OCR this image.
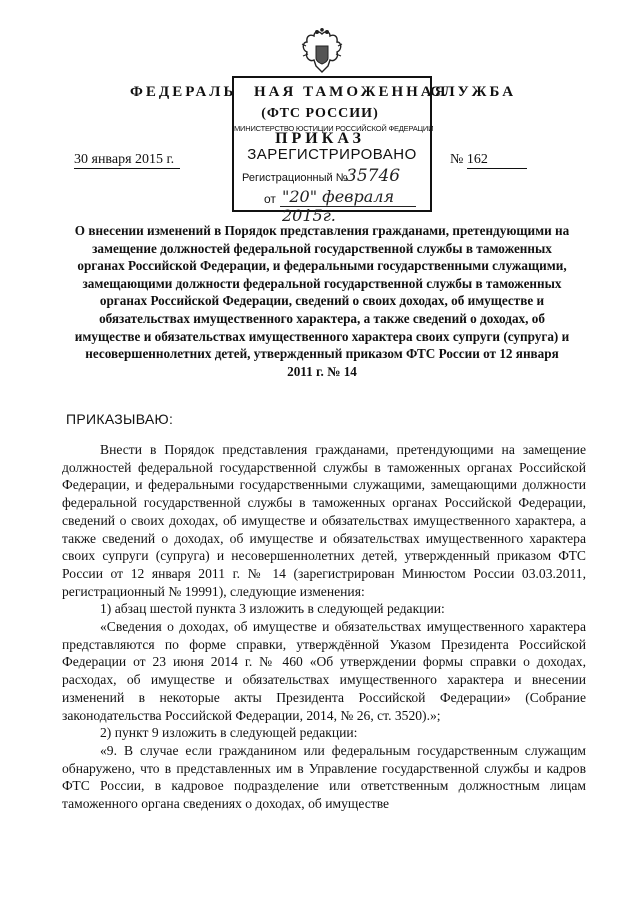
ФЕДЕРАЛЬ НАЯ ТАМОЖЕННАЯ
СЛУЖБА
(ФТС РОССИИ)
ПРИКАЗ
30 января 2015 г.	№ 162
МИНИСТЕРСТВО ЮСТИЦИИ РОССИЙСКОЙ ФЕДЕРАЦИИ
ЗАРЕГИСТРИРОВАНО
Регистрационный №
35746
от "20" февраля 2015г.
О внесении изменений в Порядок представления гражданами, претендующими на замещение должностей федеральной государственной службы в таможенных органах Российской Федерации, и федеральными государственными служащими, замещающими должности федеральной государственной службы в таможенных органах Российской Федерации, сведений о своих доходах, об имуществе и обязательствах имущественного характера, а также сведений о доходах, об имуществе и обязательствах имущественного характера своих супруги (супруга) и несовершеннолетних детей, утвержденный приказом ФТС России от 12 января 2011 г. № 14
ПРИКАЗЫВАЮ:

Внести в Порядок представления гражданами, претендующими на замещение должностей федеральной государственной службы в таможенных органах Российской Федерации, и федеральными государственными служащими, замещающими должности федеральной государственной службы в таможенных органах Российской Федерации, сведений о своих доходах, об имуществе и обязательствах имущественного характера, а также сведений о доходах, об имуществе и обязательствах имущественного характера своих супруги (супруга) и несовершеннолетних детей, утвержденный приказом ФТС России от 12 января 2011 г. № 14 (зарегистрирован Минюстом России 03.03.2011, регистрационный № 19991), следующие изменения:

1) абзац шестой пункта 3 изложить в следующей редакции:

«Сведения о доходах, об имуществе и обязательствах имущественного характера представляются по форме справки, утверждённой Указом Президента Российской Федерации от 23 июня 2014 г. № 460 «Об утверждении формы справки о доходах, расходах, об имуществе и обязательствах имущественного характера и внесении изменений в некоторые акты Президента Российской Федерации» (Собрание законодательства Российской Федерации, 2014, № 26, ст. 3520).»;

2) пункт 9 изложить в следующей редакции:

«9. В случае если гражданином или федеральным государственным служащим обнаружено, что в представленных им в Управление государственной службы и кадров ФТС России, в кадровое подразделение или ответственным должностным лицам таможенного органа сведениях о доходах, об имуществе
